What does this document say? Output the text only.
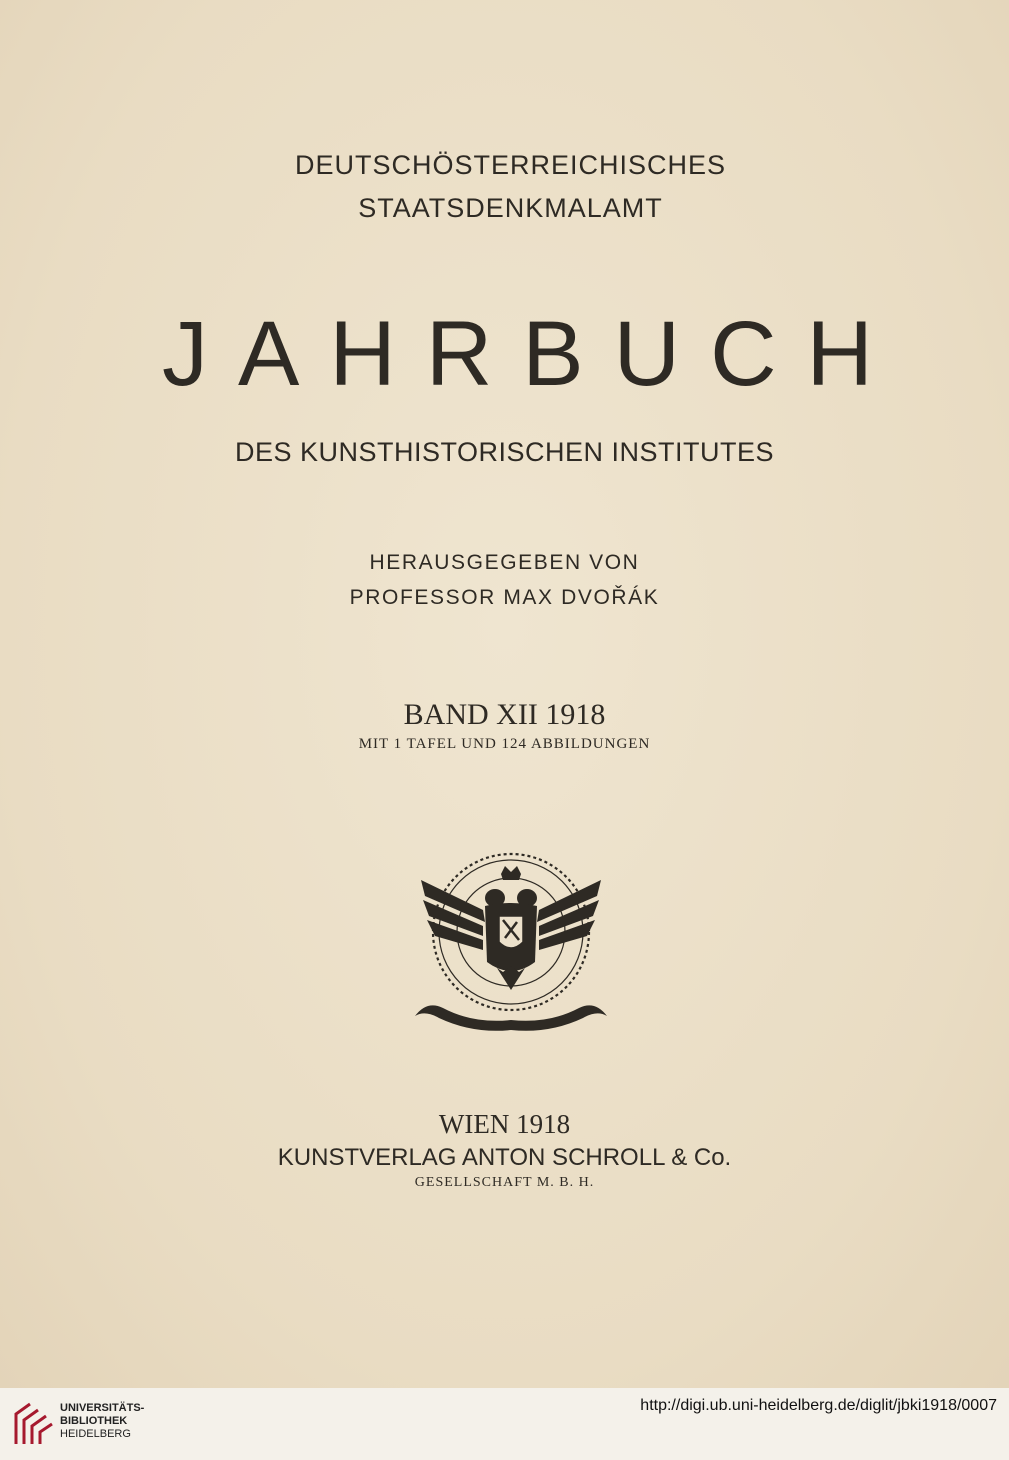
DEUTSCHÖSTERREICHISCHES
STAATSDENKMALAMT
JAHRBUCH
DES KUNSTHISTORISCHEN INSTITUTES
HERAUSGEGEBEN VON
PROFESSOR MAX DVOŘÁK
BAND XII 1918
MIT 1 TAFEL UND 124 ABBILDUNGEN
WIEN 1918
KUNSTVERLAG ANTON SCHROLL & Co.
GESELLSCHAFT M. B. H.
UNIVERSITÄTS-
BIBLIOTHEK
HEIDELBERG
http://digi.ub.uni-heidelberg.de/diglit/jbki1918/0007
